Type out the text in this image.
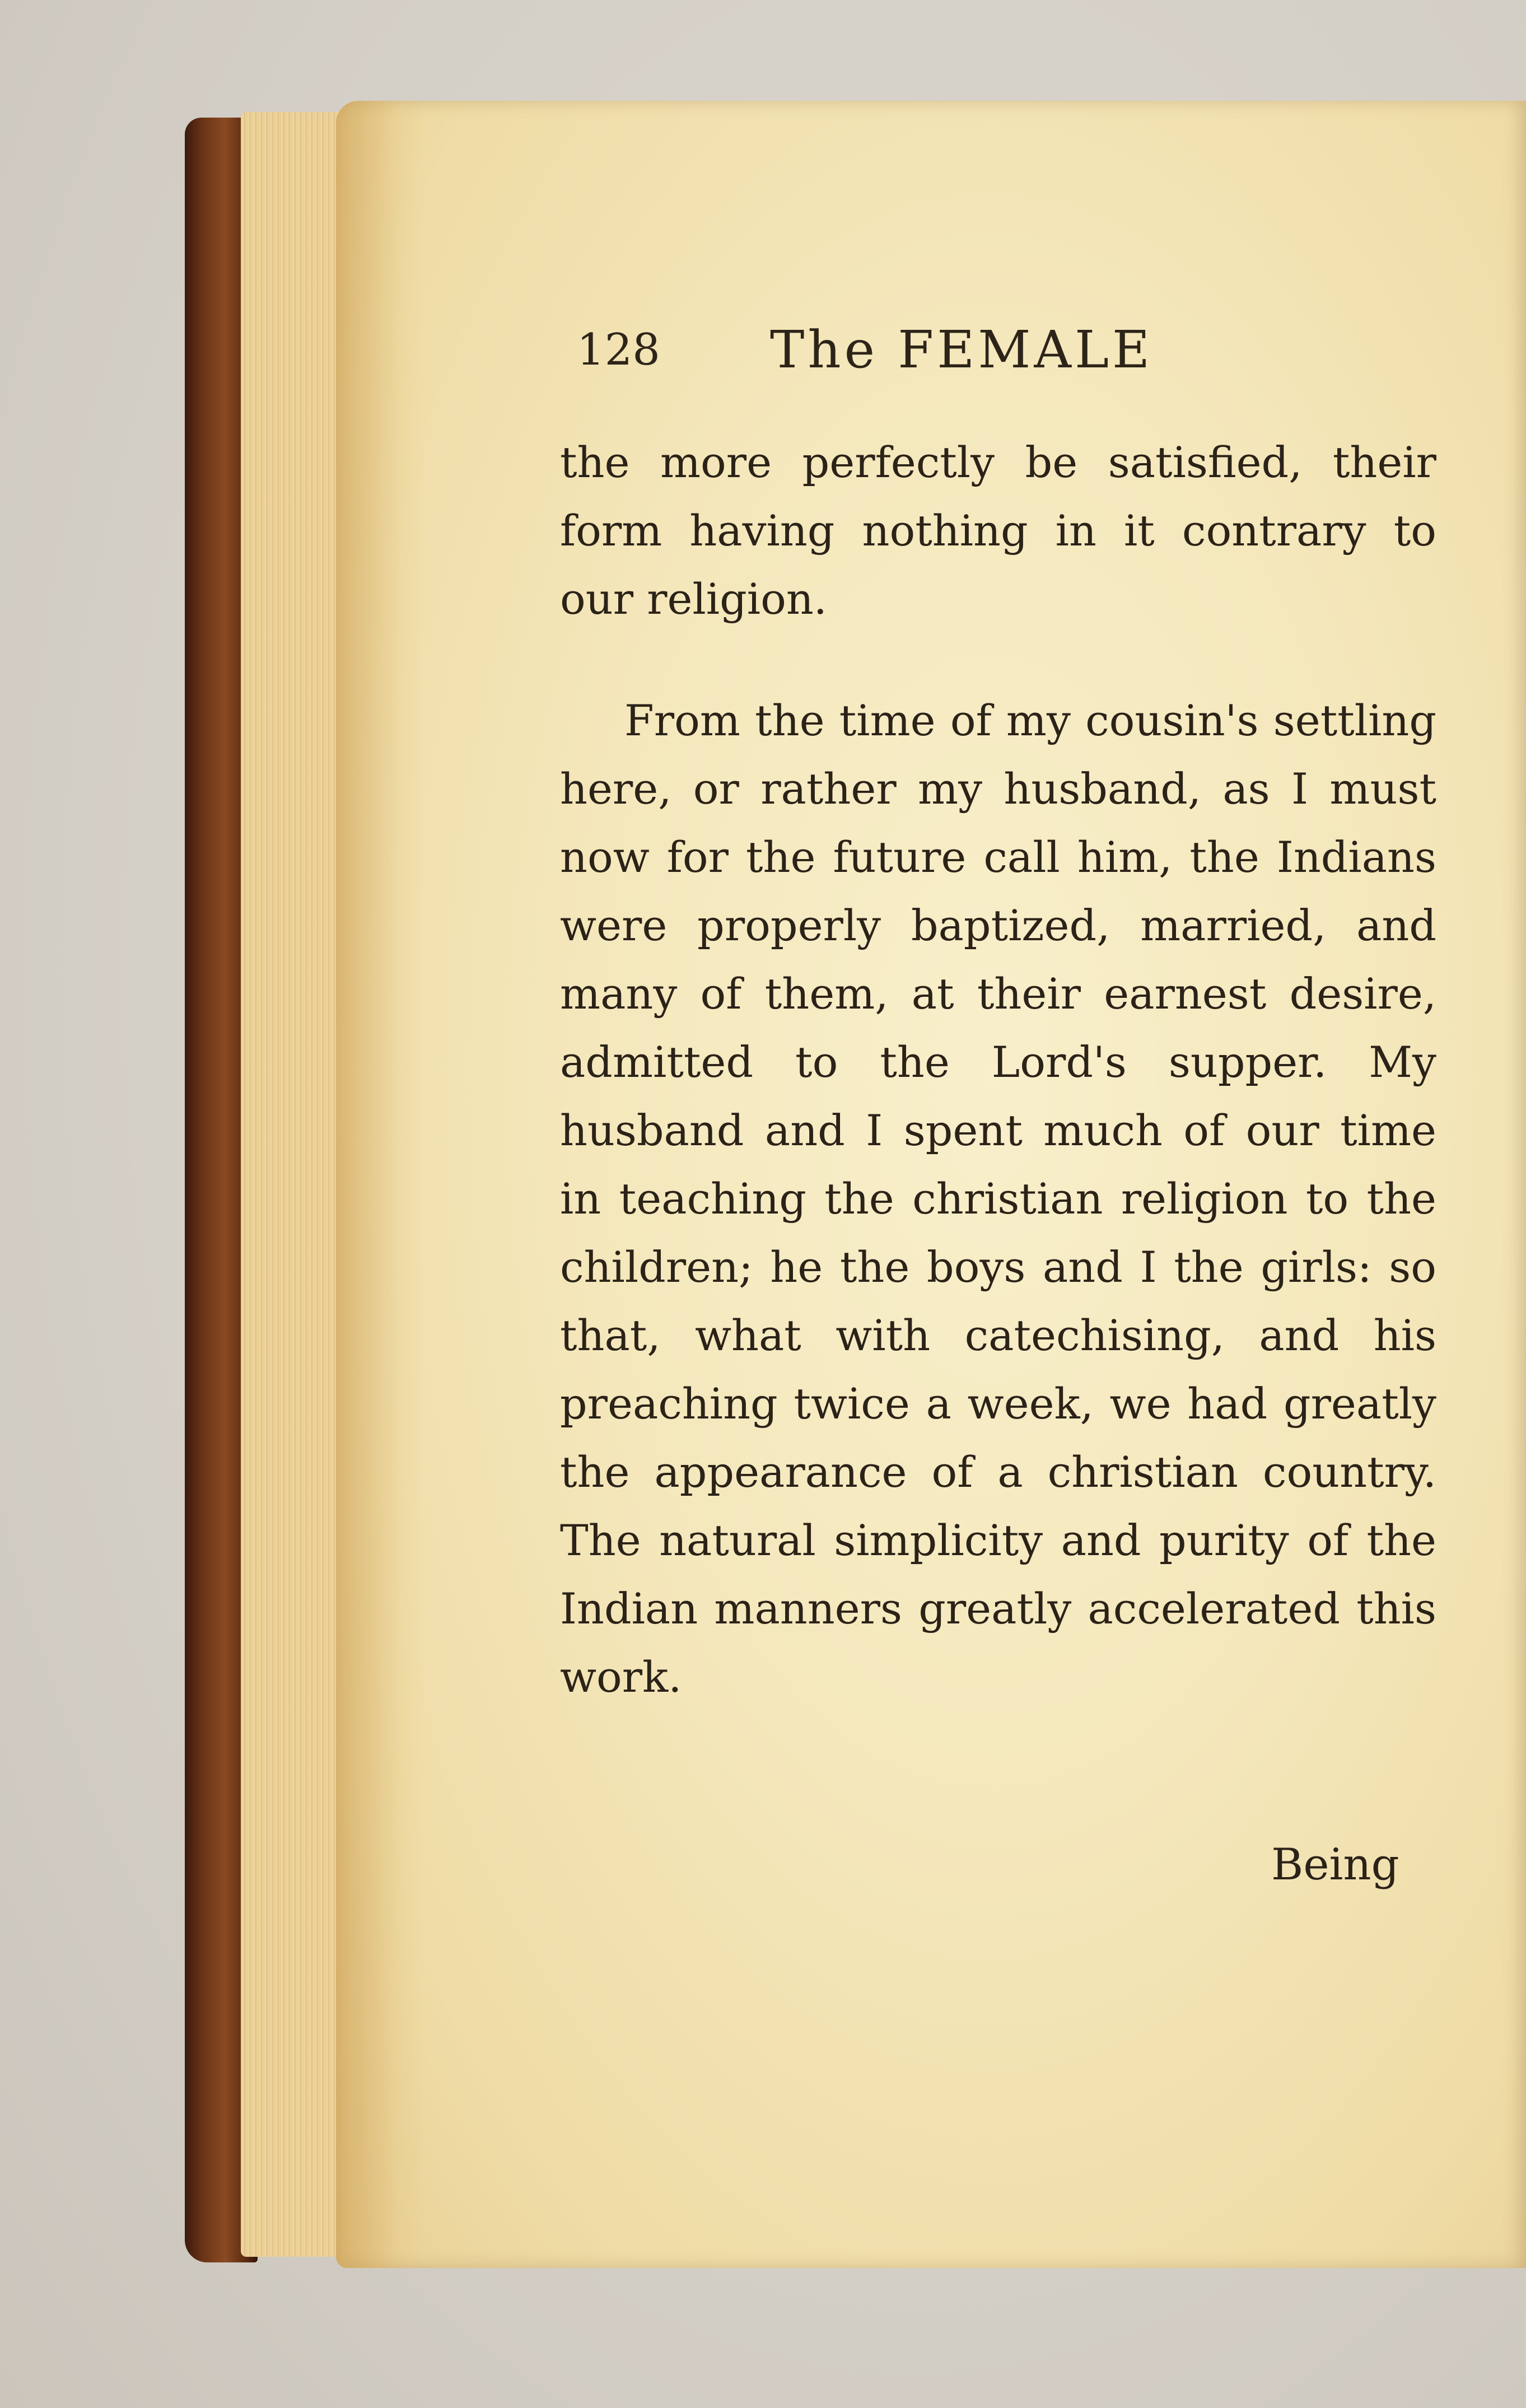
128 The FEMALE

the more perfectly be satisfied, their form having nothing in it contrary to our religion.

From the time of my cousin's settling here, or rather my husband, as I must now for the future call him, the Indians were properly baptized, married, and many of them, at their earnest desire, admitted to the Lord's supper. My husband and I spent much of our time in teaching the christian religion to the children; he the boys and I the girls: so that, what with catechising, and his preaching twice a week, we had greatly the appearance of a christian country. The natural simplicity and purity of the Indian manners greatly accelerated this work.

Being
